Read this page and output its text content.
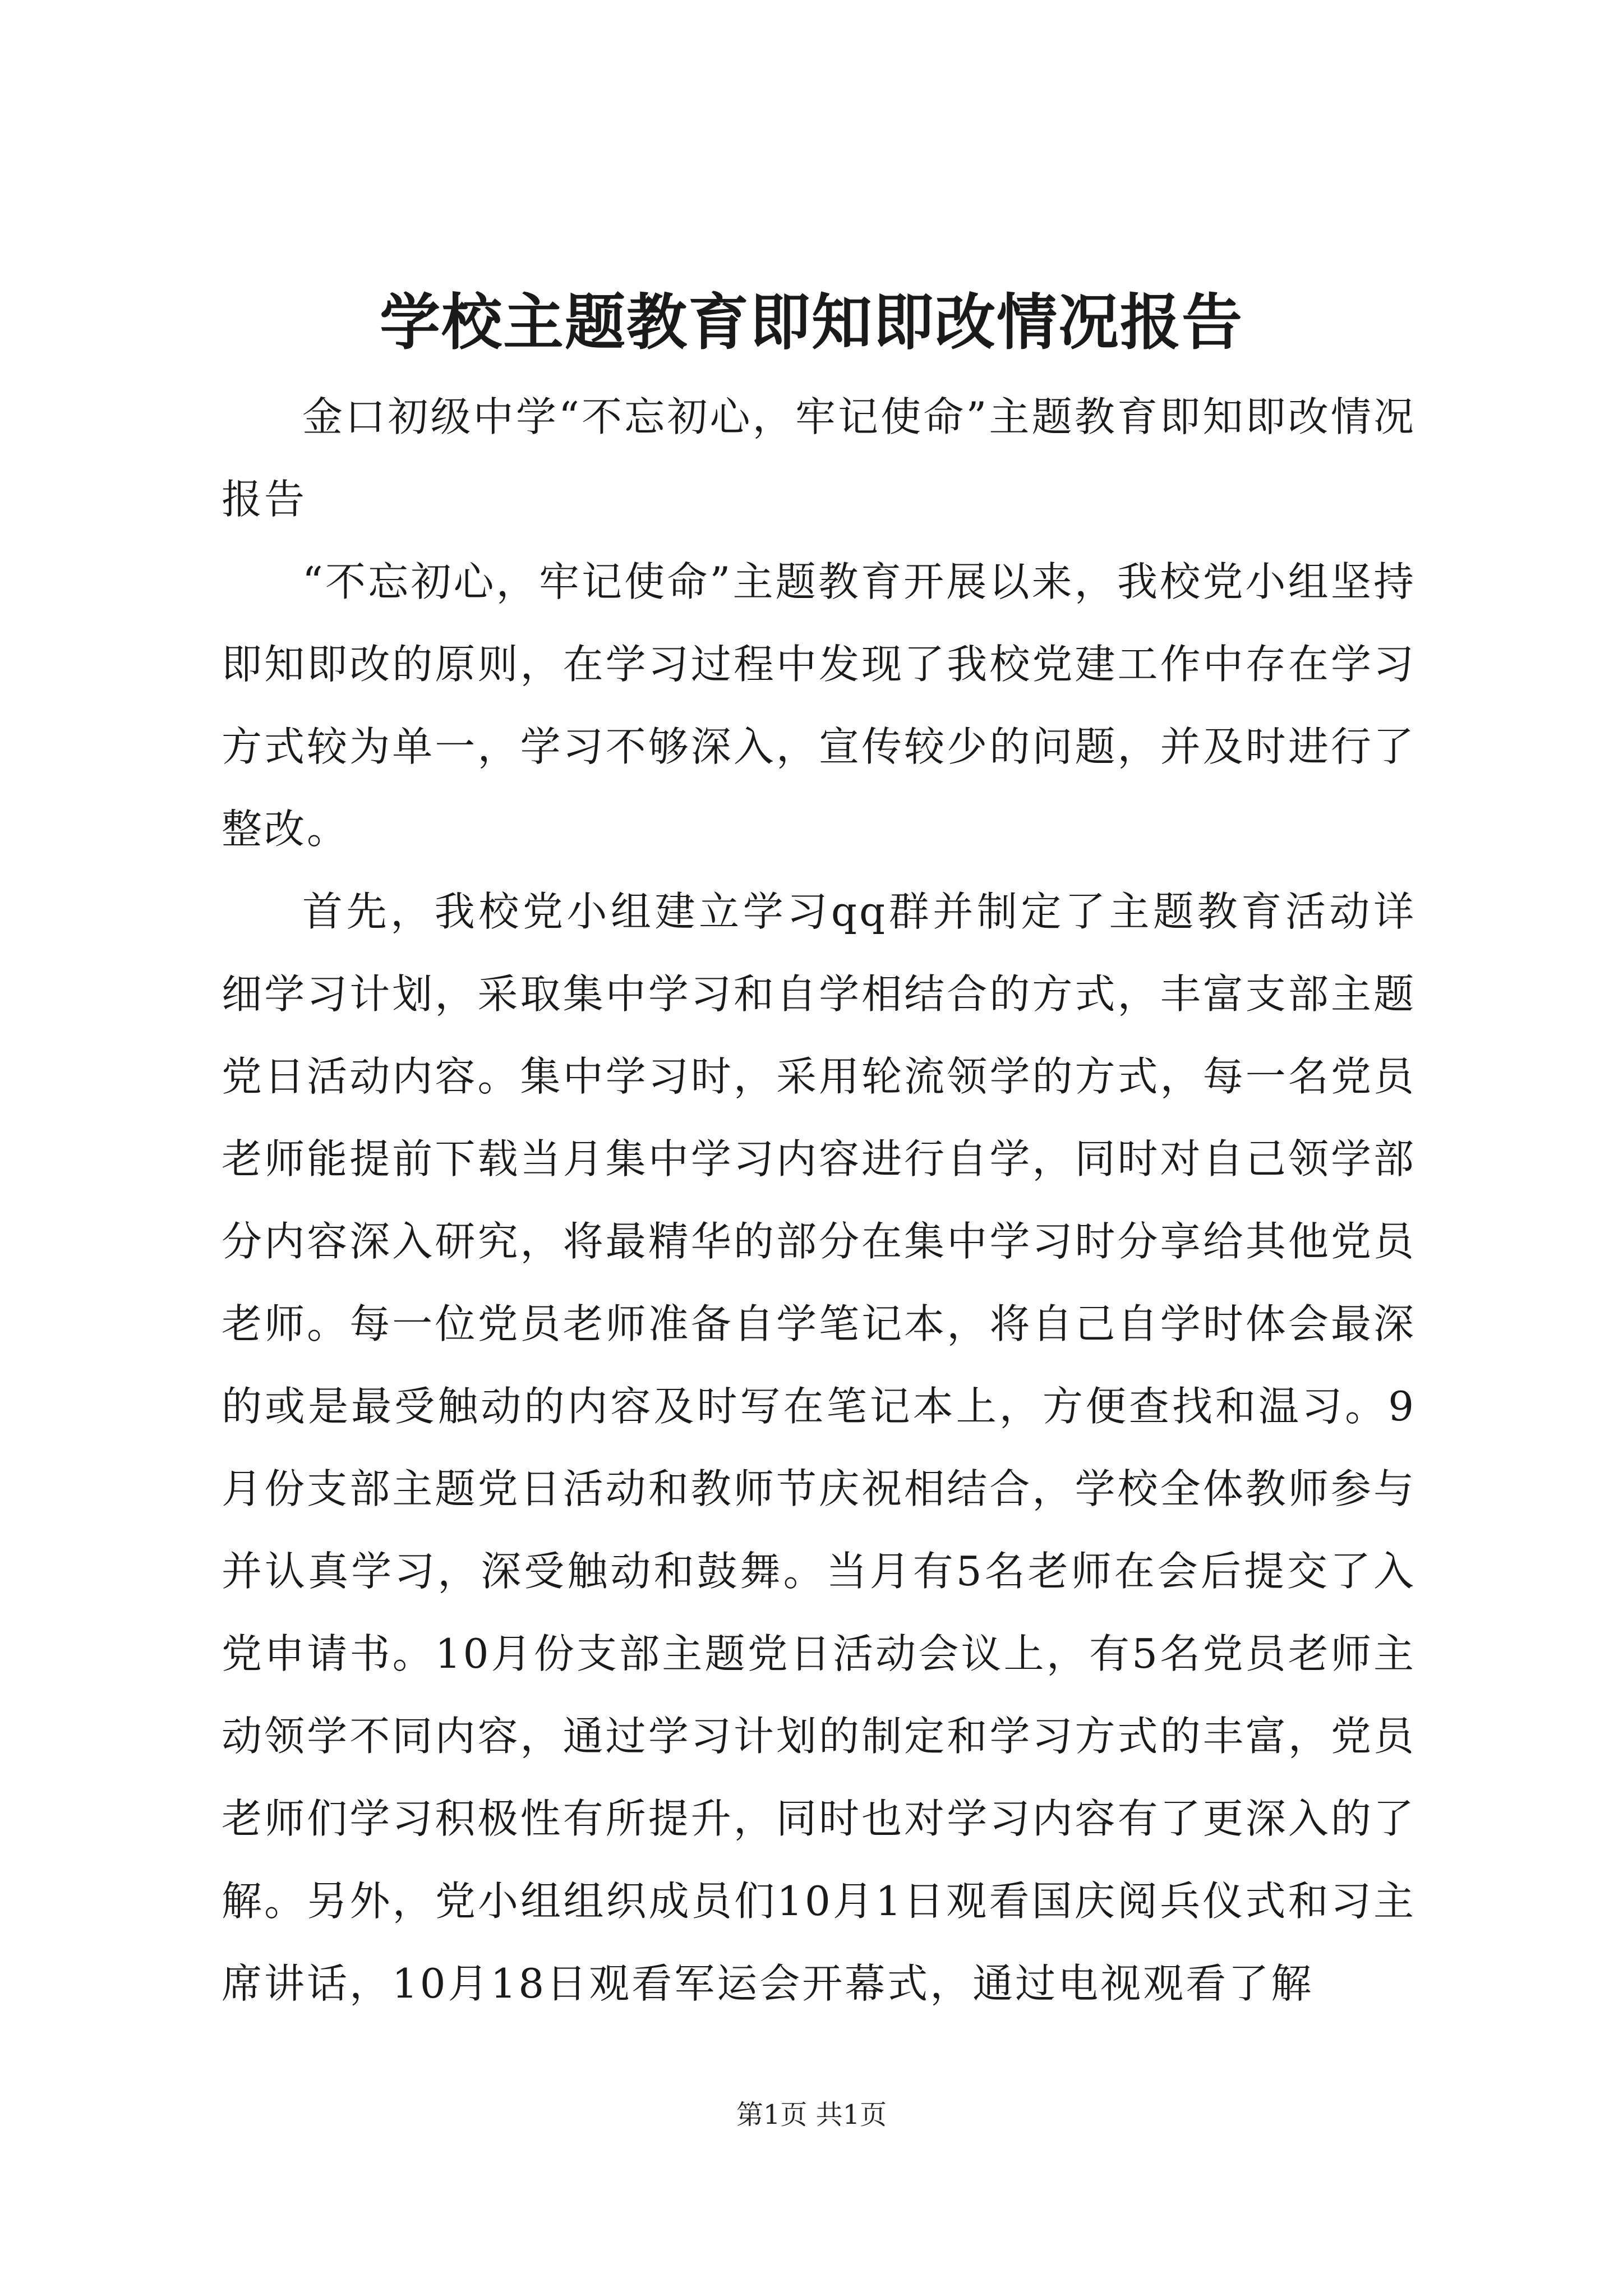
学校主题教育即知即改情况报告

金口初级中学“不忘初心，牢记使命”主题教育即知即改情况报告

“不忘初心，牢记使命”主题教育开展以来，我校党小组坚持即知即改的原则，在学习过程中发现了我校党建工作中存在学习方式较为单一，学习不够深入，宣传较少的问题，并及时进行了整改。

首先，我校党小组建立学习qq群并制定了主题教育活动详细学习计划，采取集中学习和自学相结合的方式，丰富支部主题党日活动内容。集中学习时，采用轮流领学的方式，每一名党员老师能提前下载当月集中学习内容进行自学，同时对自己领学部分内容深入研究，将最精华的部分在集中学习时分享给其他党员老师。每一位党员老师准备自学笔记本，将自己自学时体会最深的或是最受触动的内容及时写在笔记本上，方便查找和温习。9月份支部主题党日活动和教师节庆祝相结合，学校全体教师参与并认真学习，深受触动和鼓舞。当月有5名老师在会后提交了入党申请书。10月份支部主题党日活动会议上，有5名党员老师主动领学不同内容，通过学习计划的制定和学习方式的丰富，党员老师们学习积极性有所提升，同时也对学习内容有了更深入的了解。另外，党小组组织成员们10月1日观看国庆阅兵仪式和习主席讲话，10月18日观看军运会开幕式，通过电视观看了解

第1页 共1页
